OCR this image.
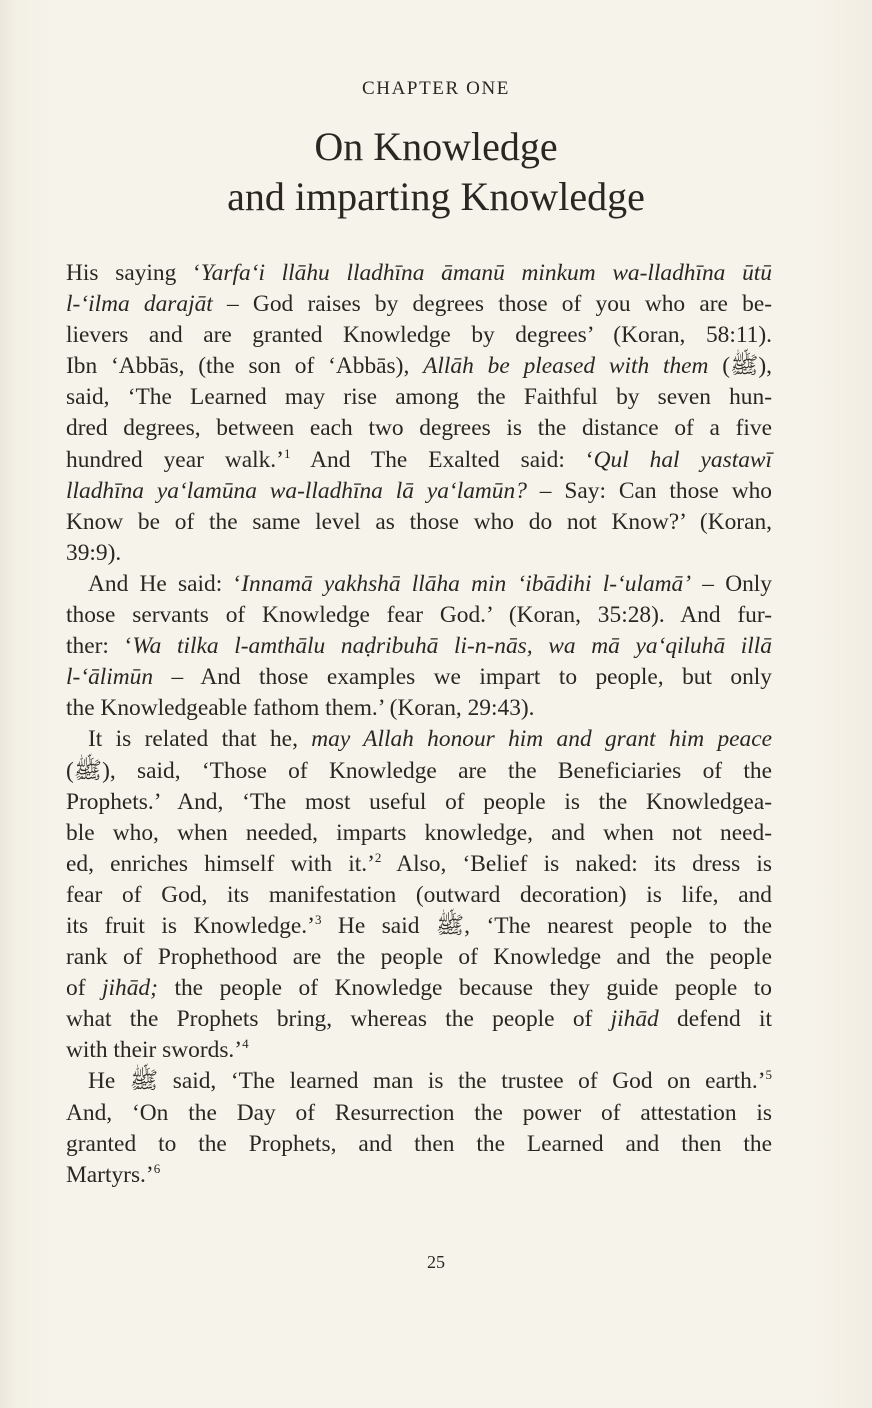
CHAPTER ONE
On Knowledge
and imparting Knowledge
His saying ‘Yarfa‘i llāhu lladhīna āmanū minkum wa-lladhīna ūtū
l-‘ilma darajāt – God raises by degrees those of you who are be-
lievers and are granted Knowledge by degrees’ (Koran, 58:11).
Ibn ‘Abbās, (the son of ‘Abbās), Allāh be pleased with them (ﷺ),
said, ‘The Learned may rise among the Faithful by seven hun-
dred degrees, between each two degrees is the distance of a five
hundred year walk.’$^1$ And The Exalted said: ‘Qul hal yastawī
lladhīna ya‘lamūna wa-lladhīna lā ya‘lamūn? – Say: Can those who
Know be of the same level as those who do not Know?’ (Koran,
39:9).
And He said: ‘Innamā yakhshā llāha min ‘ibādihi l-‘ulamā’ – Only
those servants of Knowledge fear God.’ (Koran, 35:28). And fur-
ther: ‘Wa tilka l-amthālu naḍribuhā li-n-nās, wa mā ya‘qiluhā illā
l-‘ālimūn – And those examples we impart to people, but only
the Knowledgeable fathom them.’ (Koran, 29:43).
It is related that he, may Allah honour him and grant him peace
(ﷺ), said, ‘Those of Knowledge are the Beneficiaries of the
Prophets.’ And, ‘The most useful of people is the Knowledgea-
ble who, when needed, imparts knowledge, and when not need-
ed, enriches himself with it.’$^2$ Also, ‘Belief is naked: its dress is
fear of God, its manifestation (outward decoration) is life, and
its fruit is Knowledge.’$^3$ He said ﷺ, ‘The nearest people to the
rank of Prophethood are the people of Knowledge and the people
of jihād; the people of Knowledge because they guide people to
what the Prophets bring, whereas the people of jihād defend it
with their swords.’$^4$
He ﷺ said, ‘The learned man is the trustee of God on earth.’$^5$
And, ‘On the Day of Resurrection the power of attestation is
granted to the Prophets, and then the Learned and then the
Martyrs.’$^6$
25
